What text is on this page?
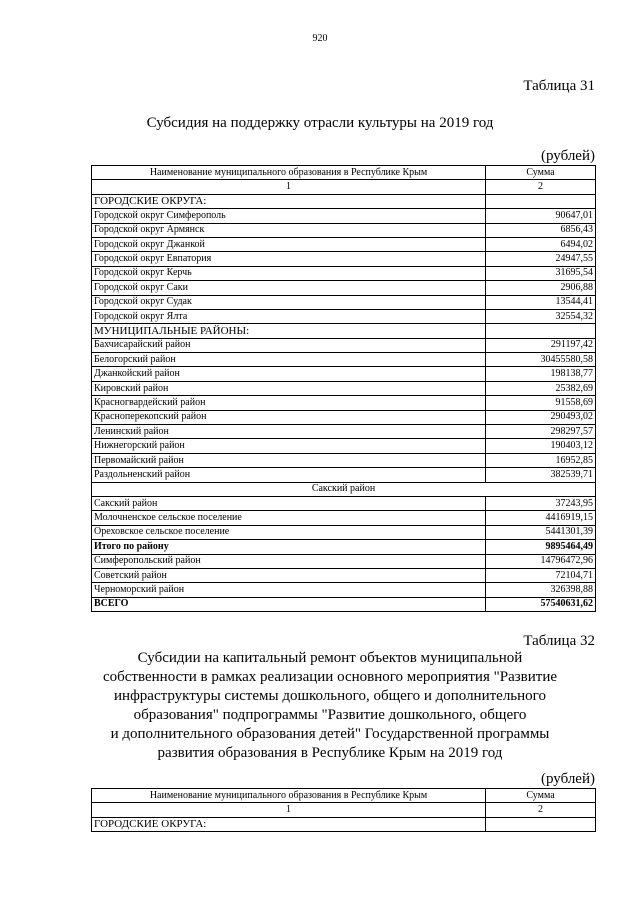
920
Таблица 31
Субсидия на поддержку отрасли культуры на 2019 год
(рублей)
Наименование муниципального образования в Республике Крым	Сумма
1	2
ГОРОДСКИЕ ОКРУГА:	
Городской округ Симферополь	90647,01
Городской округ Армянск	6856,43
Городской округ Джанкой	6494,02
Городской округ Евпатория	24947,55
Городской округ Керчь	31695,54
Городской округ Саки	2906,88
Городской округ Судак	13544,41
Городской округ Ялта	32554,32
МУНИЦИПАЛЬНЫЕ РАЙОНЫ:	
Бахчисарайский район	291197,42
Белогорский район	30455580,58
Джанкойский район	198138,77
Кировский район	25382,69
Красногвардейский район	91558,69
Красноперекопский район	290493,02
Ленинский район	298297,57
Нижнегорский район	190403,12
Первомайский район	16952,85
Раздольненский район	382539,71
Сакский район	
Сакский район	37243,95
Молочненское сельское поселение	4416919,15
Ореховское сельское поселение	5441301,39
Итого по району	9895464,49
Симферопольский район	14796472,96
Советский район	72104,71
Черноморский район	326398,88
ВСЕГО	57540631,62
Таблица 32
Субсидии на капитальный ремонт объектов муниципальной
собственности в рамках реализации основного мероприятия "Развитие
инфраструктуры системы дошкольного, общего и дополнительного
образования" подпрограммы "Развитие дошкольного, общего
и дополнительного образования детей" Государственной программы
развития образования в Республике Крым на 2019 год
(рублей)
Наименование муниципального образования в Республике Крым	Сумма
1	2
ГОРОДСКИЕ ОКРУГА:	
